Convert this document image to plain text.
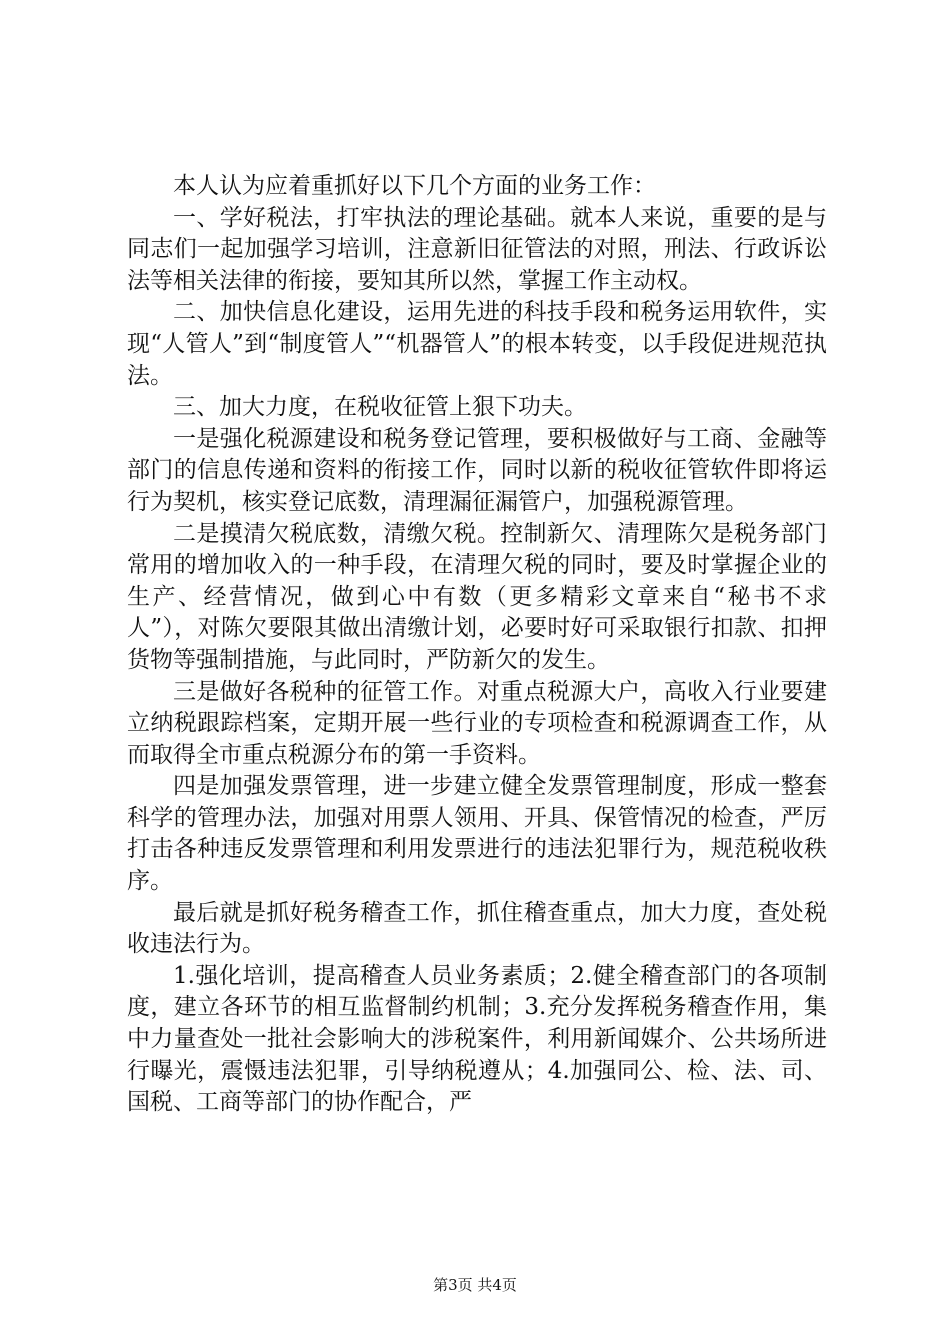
本人认为应着重抓好以下几个方面的业务工作：

一、学好税法，打牢执法的理论基础。就本人来说，重要的是与同志们一起加强学习培训，注意新旧征管法的对照，刑法、行政诉讼法等相关法律的衔接，要知其所以然，掌握工作主动权。

二、加快信息化建设，运用先进的科技手段和税务运用软件，实现“人管人”到“制度管人”“机器管人”的根本转变，以手段促进规范执法。

三、加大力度，在税收征管上狠下功夫。

一是强化税源建设和税务登记管理，要积极做好与工商、金融等部门的信息传递和资料的衔接工作，同时以新的税收征管软件即将运行为契机，核实登记底数，清理漏征漏管户，加强税源管理。

二是摸清欠税底数，清缴欠税。控制新欠、清理陈欠是税务部门常用的增加收入的一种手段，在清理欠税的同时，要及时掌握企业的生产、经营情况，做到心中有数（更多精彩文章来自“秘书不求人”），对陈欠要限其做出清缴计划，必要时好可采取银行扣款、扣押货物等强制措施，与此同时，严防新欠的发生。

三是做好各税种的征管工作。对重点税源大户，高收入行业要建立纳税跟踪档案，定期开展一些行业的专项检查和税源调查工作，从而取得全市重点税源分布的第一手资料。

四是加强发票管理，进一步建立健全发票管理制度，形成一整套科学的管理办法，加强对用票人领用、开具、保管情况的检查，严厉打击各种违反发票管理和利用发票进行的违法犯罪行为，规范税收秩序。

最后就是抓好税务稽查工作，抓住稽查重点，加大力度，查处税收违法行为。

1.强化培训，提高稽查人员业务素质；2.健全稽查部门的各项制度，建立各环节的相互监督制约机制；3.充分发挥税务稽查作用，集中力量查处一批社会影响大的涉税案件，利用新闻媒介、公共场所进行曝光，震慑违法犯罪，引导纳税遵从；4.加强同公、检、法、司、国税、工商等部门的协作配合，严

第3页 共4页
